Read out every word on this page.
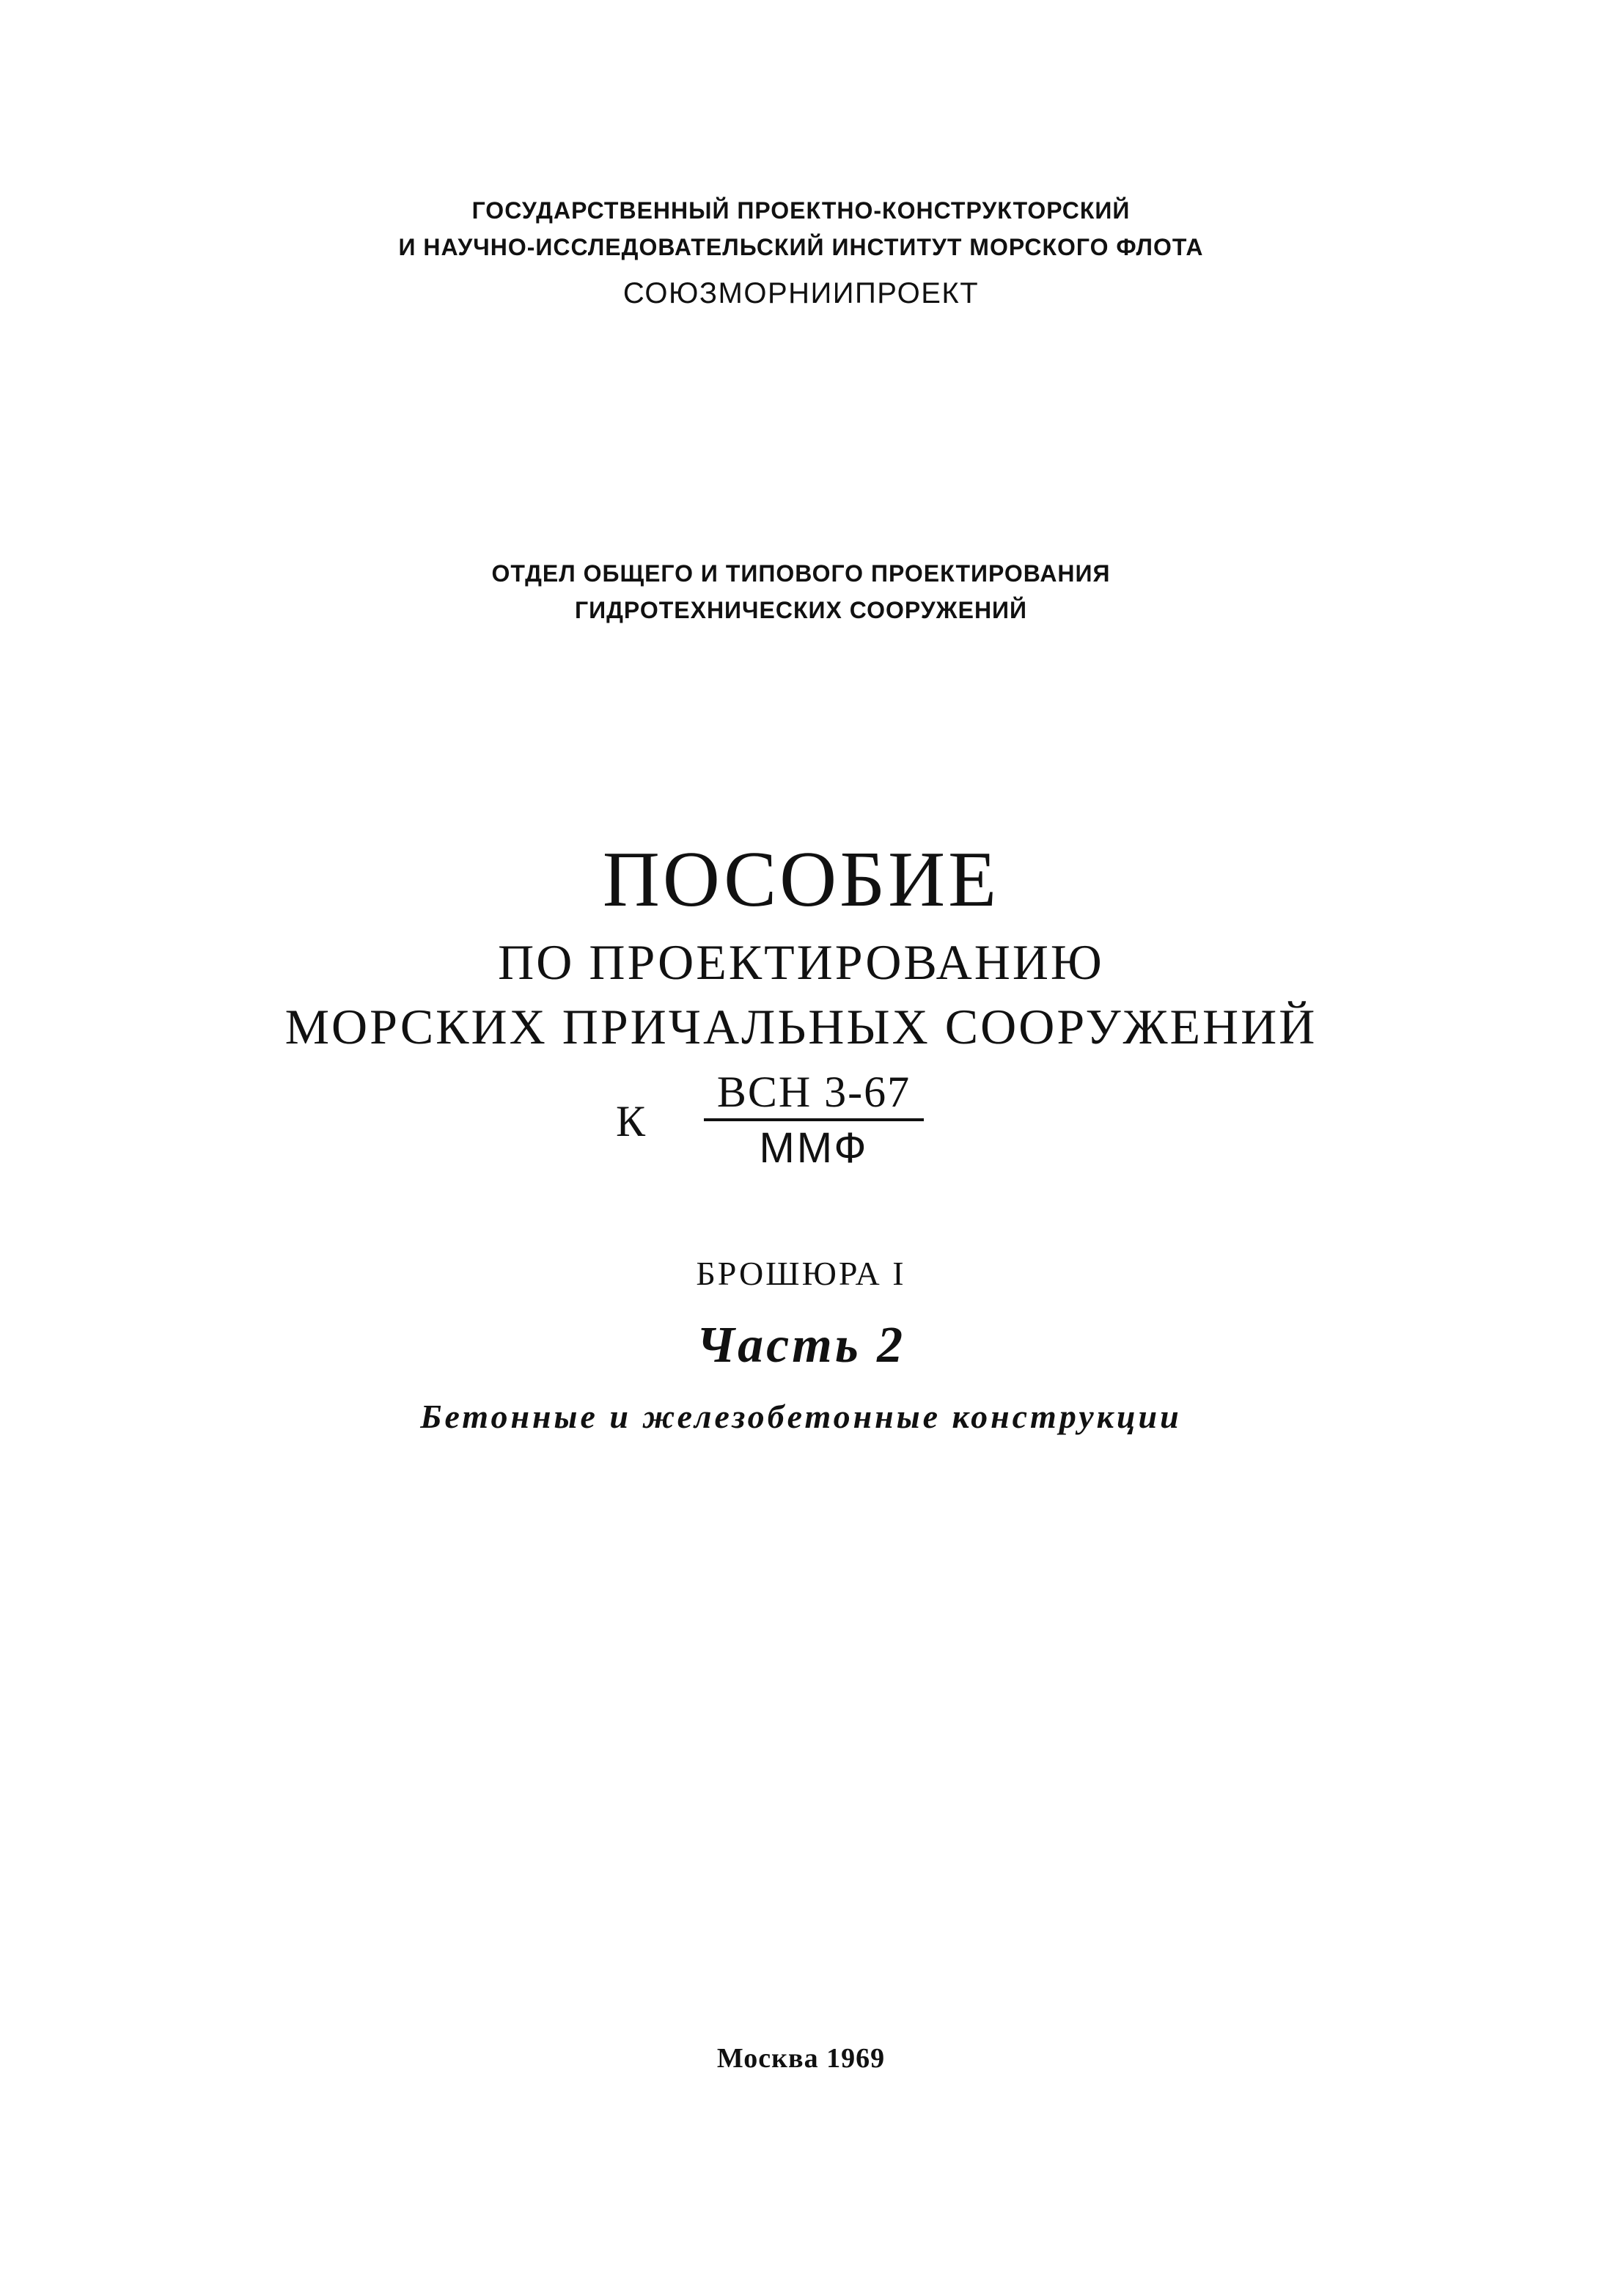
ГОСУДАРСТВЕННЫЙ ПРОЕКТНО-КОНСТРУКТОРСКИЙ
И НАУЧНО-ИССЛЕДОВАТЕЛЬСКИЙ ИНСТИТУТ МОРСКОГО ФЛОТА
СОЮЗМОРНИИПРОЕКТ
ОТДЕЛ ОБЩЕГО И ТИПОВОГО ПРОЕКТИРОВАНИЯ
ГИДРОТЕХНИЧЕСКИХ СООРУЖЕНИЙ
ПОСОБИЕ
ПО ПРОЕКТИРОВАНИЮ
МОРСКИХ ПРИЧАЛЬНЫХ СООРУЖЕНИЙ
К
ВСН 3-67
ММФ
БРОШЮРА I
Часть 2
Бетонные и железобетонные конструкции
Москва 1969
